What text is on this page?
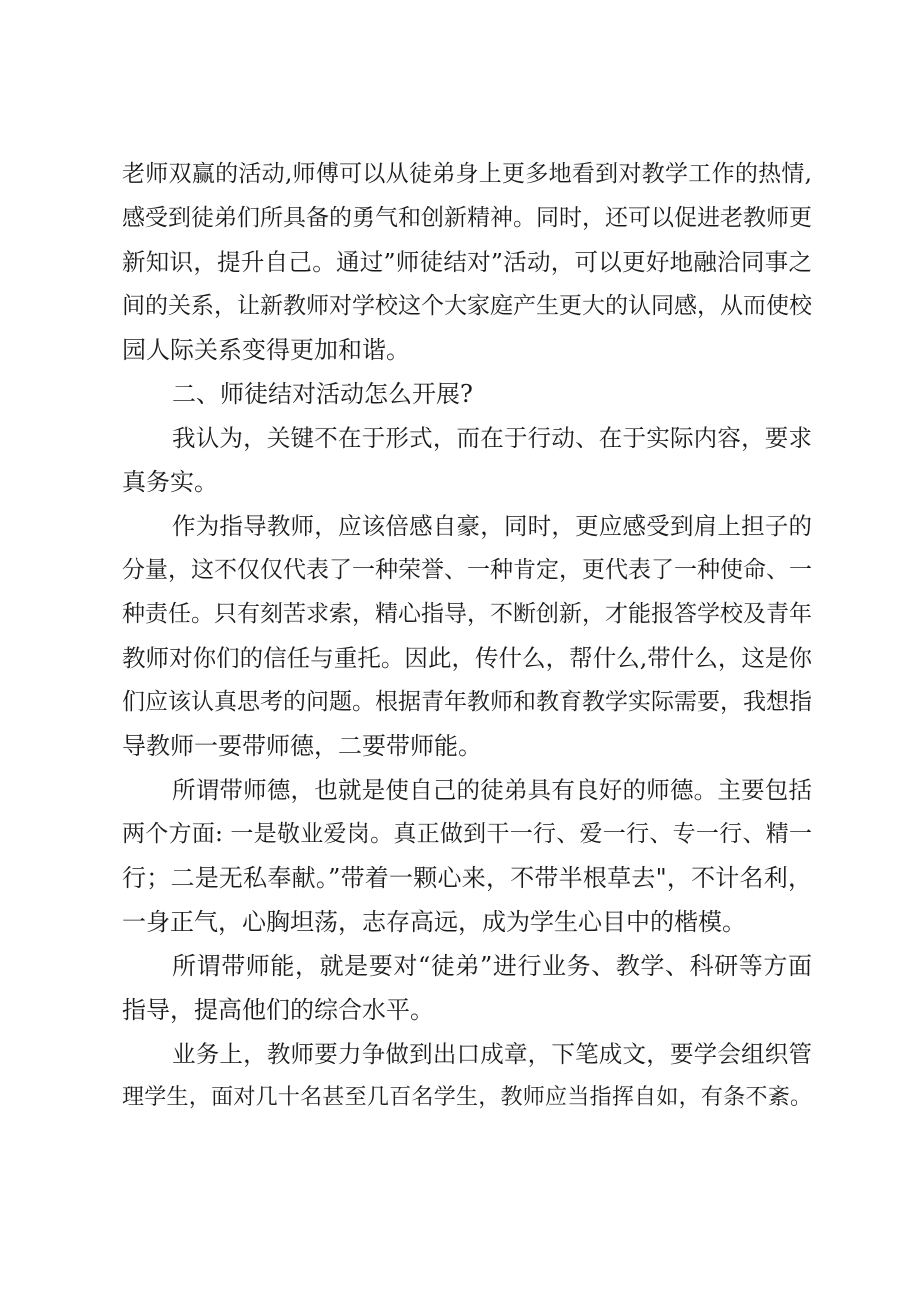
老师双赢的活动,师傅可以从徒弟身上更多地看到对教学工作的热情,
感受到徒弟们所具备的勇气和创新精神。同时，还可以促进老教师更
新知识，提升自己。通过”师徒结对”活动，可以更好地融洽同事之
间的关系，让新教师对学校这个大家庭产生更大的认同感，从而使校
园人际关系变得更加和谐。
二、师徒结对活动怎么开展?
我认为，关键不在于形式，而在于行动、在于实际内容，要求
真务实。
作为指导教师，应该倍感自豪，同时，更应感受到肩上担子的
分量，这不仅仅代表了一种荣誉、一种肯定，更代表了一种使命、一
种责任。只有刻苦求索，精心指导，不断创新，才能报答学校及青年
教师对你们的信任与重托。因此，传什么，帮什么,带什么，这是你
们应该认真思考的问题。根据青年教师和教育教学实际需要，我想指
导教师一要带师德，二要带师能。
所谓带师德，也就是使自己的徒弟具有良好的师德。主要包括
两个方面: 一是敬业爱岗。真正做到干一行、爱一行、专一行、精一
行；二是无私奉献。”带着一颗心来，不带半根草去"，不计名利，
一身正气，心胸坦荡，志存高远，成为学生心目中的楷模。
所谓带师能，就是要对“徒弟”进行业务、教学、科研等方面
指导，提高他们的综合水平。
业务上，教师要力争做到出口成章，下笔成文，要学会组织管
理学生，面对几十名甚至几百名学生，教师应当指挥自如，有条不紊。
